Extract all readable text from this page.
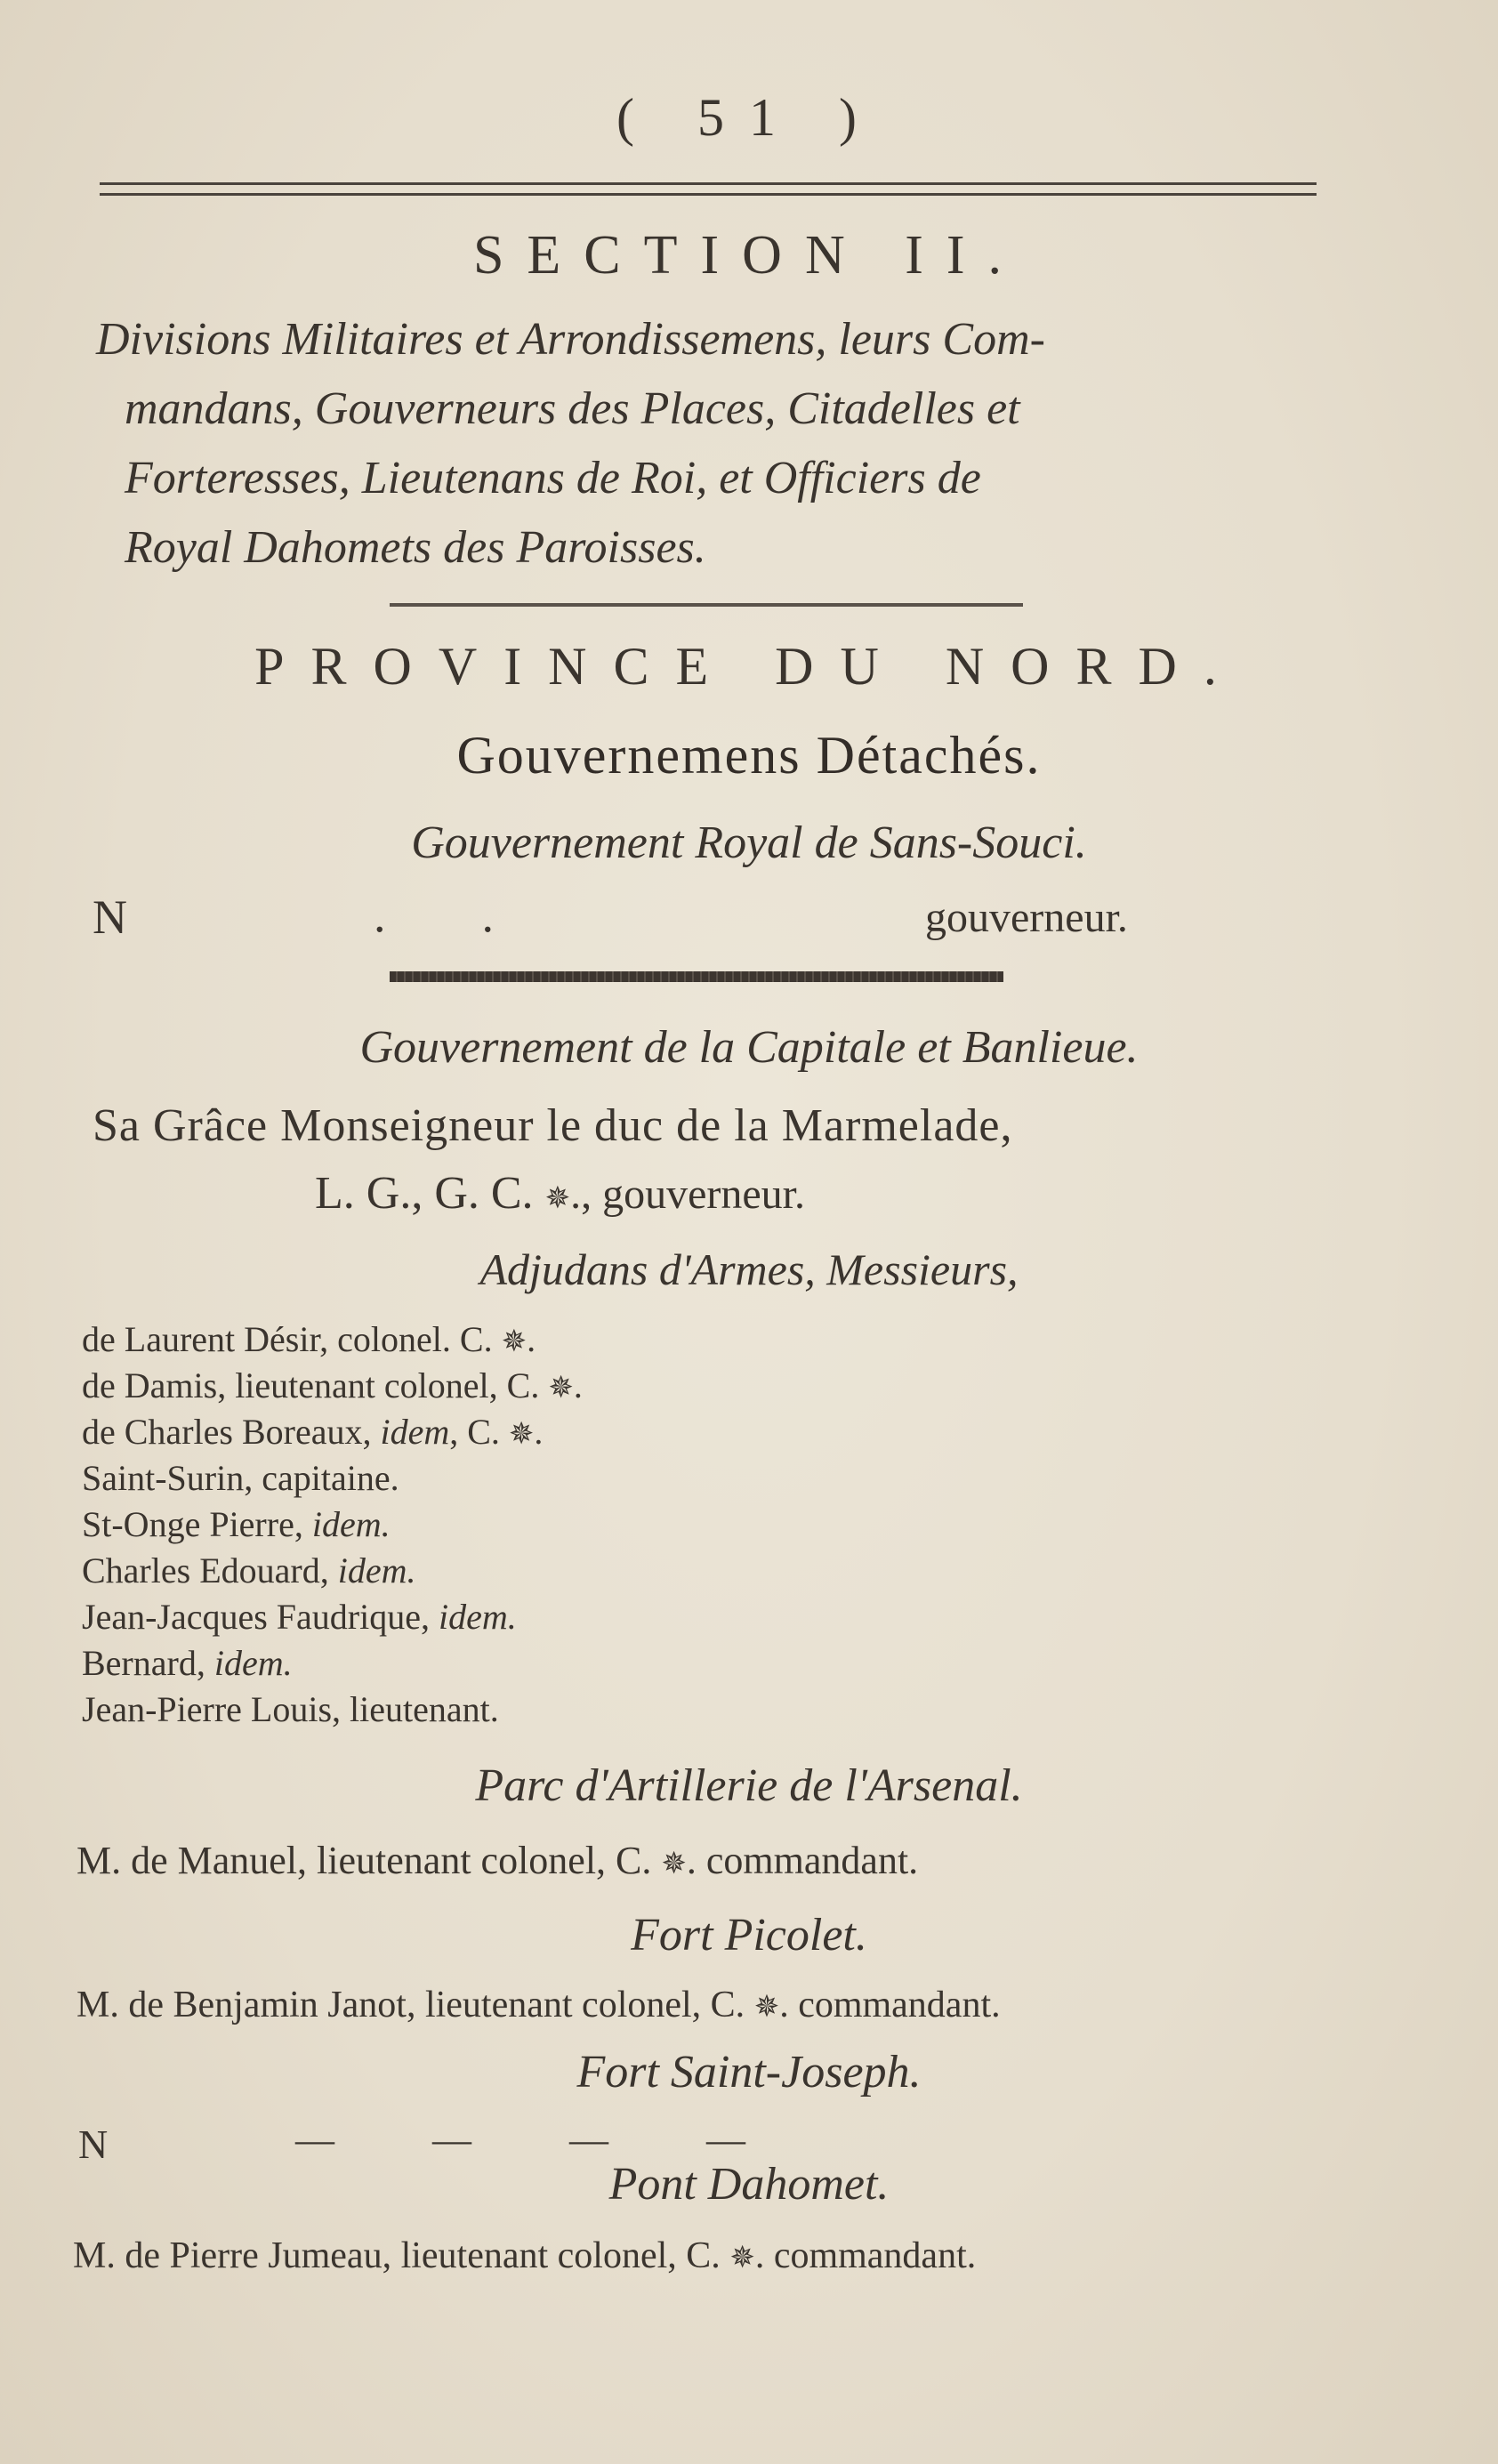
( 51 )
SECTION II.
Divisions Militaires et Arrondissemens, leurs Com-
mandans, Gouverneurs des Places, Citadelles et
Forteresses, Lieutenans de Roi, et Officiers de
Royal Dahomets des Paroisses.
PROVINCE DU NORD.
Gouvernemens Détachés.
Gouvernement Royal de Sans-Souci.
N	.        .	gouverneur.
Gouvernement de la Capitale et Banlieue.
Sa Grâce Monseigneur le duc de la Marmelade,
L. G., G. C. ✵., gouverneur.
Adjudans d'Armes, Messieurs,
de Laurent Désir, colonel. C. ✵.
de Damis, lieutenant colonel, C. ✵.
de Charles Boreaux, idem, C. ✵.
Saint-Surin, capitaine.
St-Onge Pierre, idem.
Charles Edouard, idem.
Jean-Jacques Faudrique, idem.
Bernard, idem.
Jean-Pierre Louis, lieutenant.
Parc d'Artillerie de l'Arsenal.
M. de Manuel, lieutenant colonel, C. ✵. commandant.
Fort Picolet.
M. de Benjamin Janot, lieutenant colonel, C. ✵. commandant.
Fort Saint-Joseph.
N	—          —          —          —
Pont Dahomet.
M. de Pierre Jumeau, lieutenant colonel, C. ✵. commandant.
